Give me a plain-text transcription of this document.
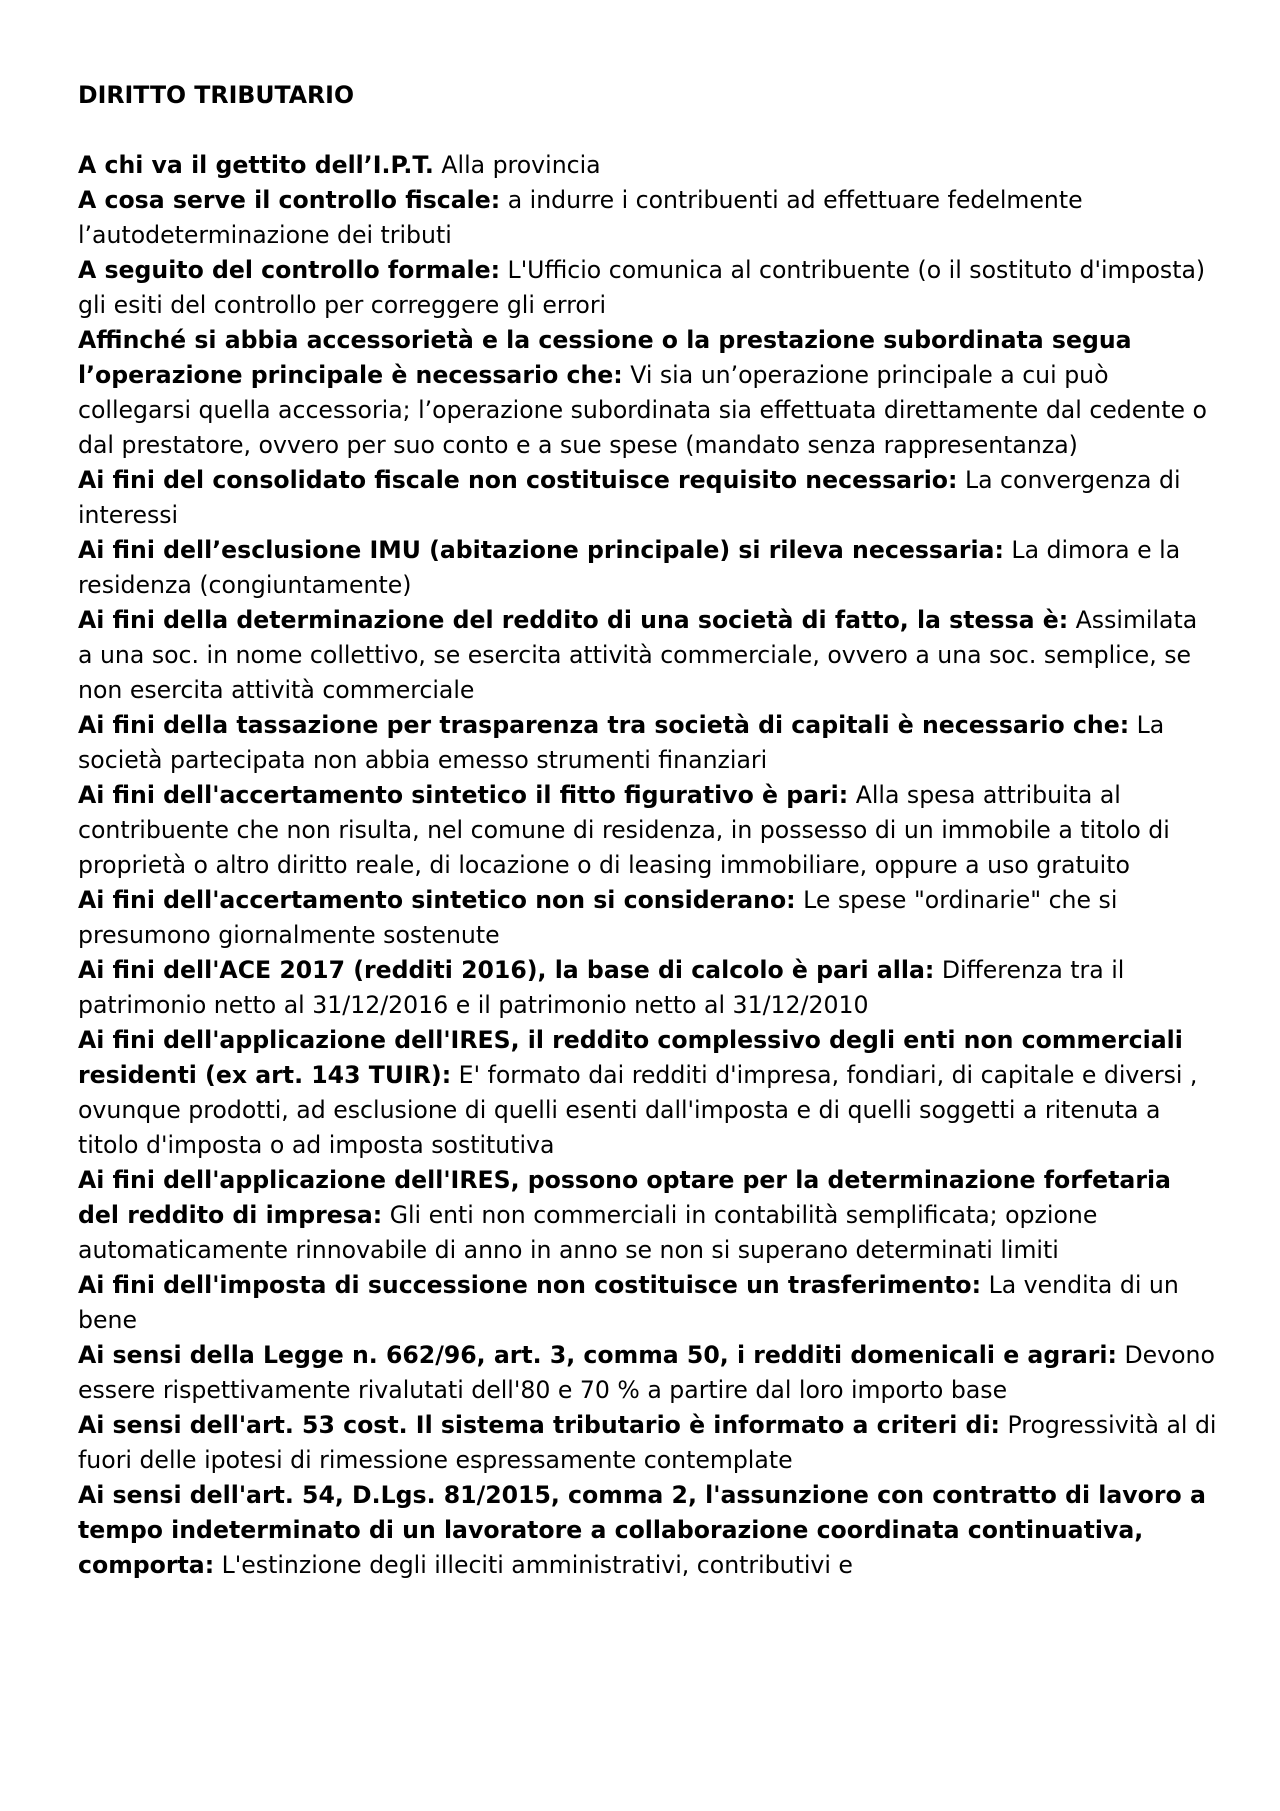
DIRITTO TRIBUTARIO
A chi va il gettito dell’I.P.T. Alla provincia
A cosa serve il controllo fiscale: a indurre i contribuenti ad effettuare fedelmente l’autodeterminazione dei tributi
A seguito del controllo formale: L'Ufficio comunica al contribuente (o il sostituto d'imposta) gli esiti del controllo per correggere gli errori
Affinché si abbia accessorietà e la cessione o la prestazione subordinata segua l’operazione principale è necessario che: Vi sia un’operazione principale a cui può collegarsi quella accessoria; l’operazione subordinata sia effettuata direttamente dal cedente o dal prestatore, ovvero per suo conto e a sue spese (mandato senza rappresentanza)
Ai fini del consolidato fiscale non costituisce requisito necessario: La convergenza di interessi
Ai fini dell’esclusione IMU (abitazione principale) si rileva necessaria: La dimora e la residenza (congiuntamente)
Ai fini della determinazione del reddito di una società di fatto, la stessa è: Assimilata a una soc. in nome collettivo, se esercita attività commerciale, ovvero a una soc. semplice, se non esercita attività commerciale
Ai fini della tassazione per trasparenza tra società di capitali è necessario che: La società partecipata non abbia emesso strumenti finanziari
Ai fini dell'accertamento sintetico il fitto figurativo è pari: Alla spesa attribuita al contribuente che non risulta, nel comune di residenza, in possesso di un immobile a titolo di proprietà o altro diritto reale, di locazione o di leasing immobiliare, oppure a uso gratuito
Ai fini dell'accertamento sintetico non si considerano: Le spese "ordinarie" che si presumono giornalmente sostenute
Ai fini dell'ACE 2017 (redditi 2016), la base di calcolo è pari alla: Differenza tra il patrimonio netto al 31/12/2016 e il patrimonio netto al 31/12/2010
Ai fini dell'applicazione dell'IRES, il reddito complessivo degli enti non commerciali residenti (ex art. 143 TUIR): E' formato dai redditi d'impresa, fondiari, di capitale e diversi , ovunque prodotti, ad esclusione di quelli esenti dall'imposta e di quelli soggetti a ritenuta a titolo d'imposta o ad imposta sostitutiva
Ai fini dell'applicazione dell'IRES, possono optare per la determinazione forfetaria del reddito di impresa: Gli enti non commerciali in contabilità semplificata; opzione automaticamente rinnovabile di anno in anno se non si superano determinati limiti
Ai fini dell'imposta di successione non costituisce un trasferimento: La vendita di un bene
Ai sensi della Legge n. 662/96, art. 3, comma 50, i redditi domenicali e agrari: Devono essere rispettivamente rivalutati dell'80 e 70 % a partire dal loro importo base
Ai sensi dell'art. 53 cost. Il sistema tributario è informato a criteri di: Progressività al di fuori delle ipotesi di rimessione espressamente contemplate
Ai sensi dell'art. 54, D.Lgs. 81/2015, comma 2, l'assunzione con contratto di lavoro a tempo indeterminato di un lavoratore a collaborazione coordinata continuativa, comporta: L'estinzione degli illeciti amministrativi, contributivi e
